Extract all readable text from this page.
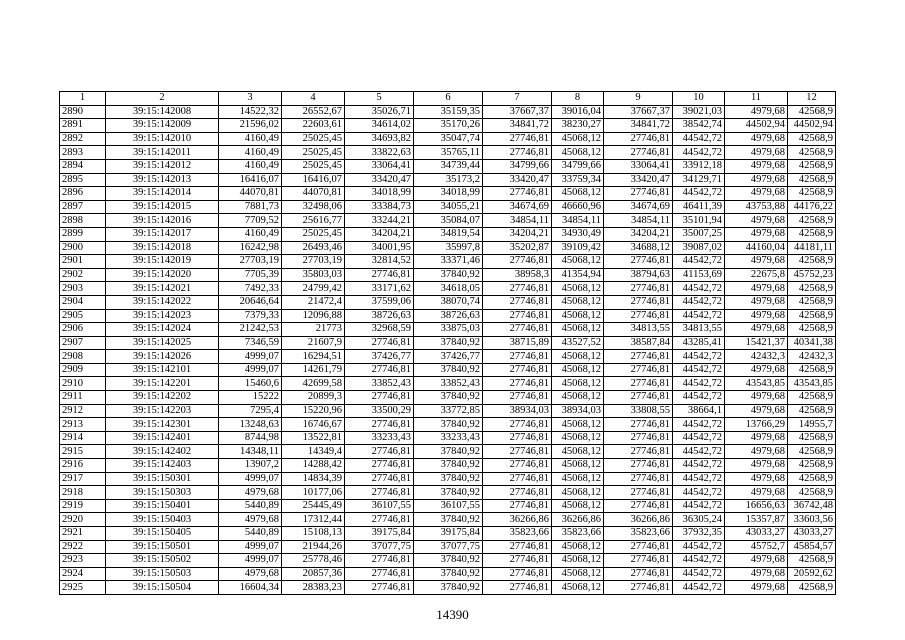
1	2	3	4	5	6	7	8	9	10	11	12
2890	39:15:142008	14522,32	26552,67	35026,71	35159,35	37667,37	39016,04	37667,37	39021,03	4979,68	42568,9
2891	39:15:142009	21596,02	22603,61	34614,02	35170,26	34841,72	38230,27	34841,72	38542,74	44502,94	44502,94
2892	39:15:142010	4160,49	25025,45	34693,82	35047,74	27746,81	45068,12	27746,81	44542,72	4979,68	42568,9
2893	39:15:142011	4160,49	25025,45	33822,63	35765,11	27746,81	45068,12	27746,81	44542,72	4979,68	42568,9
2894	39:15:142012	4160,49	25025,45	33064,41	34739,44	34799,66	34799,66	33064,41	33912,18	4979,68	42568,9
2895	39:15:142013	16416,07	16416,07	33420,47	35173,2	33420,47	33759,34	33420,47	34129,71	4979,68	42568,9
2896	39:15:142014	44070,81	44070,81	34018,99	34018,99	27746,81	45068,12	27746,81	44542,72	4979,68	42568,9
2897	39:15:142015	7881,73	32498,06	33384,73	34055,21	34674,69	46660,96	34674,69	46411,39	43753,88	44176,22
2898	39:15:142016	7709,52	25616,77	33244,21	35084,07	34854,11	34854,11	34854,11	35101,94	4979,68	42568,9
2899	39:15:142017	4160,49	25025,45	34204,21	34819,54	34204,21	34930,49	34204,21	35007,25	4979,68	42568,9
2900	39:15:142018	16242,98	26493,46	34001,95	35997,8	35202,87	39109,42	34688,12	39087,02	44160,04	44181,11
2901	39:15:142019	27703,19	27703,19	32814,52	33371,46	27746,81	45068,12	27746,81	44542,72	4979,68	42568,9
2902	39:15:142020	7705,39	35803,03	27746,81	37840,92	38958,3	41354,94	38794,63	41153,69	22675,8	45752,23
2903	39:15:142021	7492,33	24799,42	33171,62	34618,05	27746,81	45068,12	27746,81	44542,72	4979,68	42568,9
2904	39:15:142022	20646,64	21472,4	37599,06	38070,74	27746,81	45068,12	27746,81	44542,72	4979,68	42568,9
2905	39:15:142023	7379,33	12096,88	38726,63	38726,63	27746,81	45068,12	27746,81	44542,72	4979,68	42568,9
2906	39:15:142024	21242,53	21773	32968,59	33875,03	27746,81	45068,12	34813,55	34813,55	4979,68	42568,9
2907	39:15:142025	7346,59	21607,9	27746,81	37840,92	38715,89	43527,52	38587,84	43285,41	15421,37	40341,38
2908	39:15:142026	4999,07	16294,51	37426,77	37426,77	27746,81	45068,12	27746,81	44542,72	42432,3	42432,3
2909	39:15:142101	4999,07	14261,79	27746,81	37840,92	27746,81	45068,12	27746,81	44542,72	4979,68	42568,9
2910	39:15:142201	15460,6	42699,58	33852,43	33852,43	27746,81	45068,12	27746,81	44542,72	43543,85	43543,85
2911	39:15:142202	15222	20899,3	27746,81	37840,92	27746,81	45068,12	27746,81	44542,72	4979,68	42568,9
2912	39:15:142203	7295,4	15220,96	33500,29	33772,85	38934,03	38934,03	33808,55	38664,1	4979,68	42568,9
2913	39:15:142301	13248,63	16746,67	27746,81	37840,92	27746,81	45068,12	27746,81	44542,72	13766,29	14955,7
2914	39:15:142401	8744,98	13522,81	33233,43	33233,43	27746,81	45068,12	27746,81	44542,72	4979,68	42568,9
2915	39:15:142402	14348,11	14349,4	27746,81	37840,92	27746,81	45068,12	27746,81	44542,72	4979,68	42568,9
2916	39:15:142403	13907,2	14288,42	27746,81	37840,92	27746,81	45068,12	27746,81	44542,72	4979,68	42568,9
2917	39:15:150301	4999,07	14834,39	27746,81	37840,92	27746,81	45068,12	27746,81	44542,72	4979,68	42568,9
2918	39:15:150303	4979,68	10177,06	27746,81	37840,92	27746,81	45068,12	27746,81	44542,72	4979,68	42568,9
2919	39:15:150401	5440,89	25445,49	36107,55	36107,55	27746,81	45068,12	27746,81	44542,72	16656,63	36742,48
2920	39:15:150403	4979,68	17312,44	27746,81	37840,92	36266,86	36266,86	36266,86	36305,24	15357,87	33603,56
2921	39:15:150405	5440,89	15108,13	39175,84	39175,84	35823,66	35823,66	35823,66	37932,35	43033,27	43033,27
2922	39:15:150501	4999,07	21944,26	37077,75	37077,75	27746,81	45068,12	27746,81	44542,72	45752,7	45854,57
2923	39:15:150502	4999,07	25778,46	27746,81	37840,92	27746,81	45068,12	27746,81	44542,72	4979,68	42568,9
2924	39:15:150503	4979,68	20857,36	27746,81	37840,92	27746,81	45068,12	27746,81	44542,72	4979,68	20592,62
2925	39:15:150504	16604,34	28383,23	27746,81	37840,92	27746,81	45068,12	27746,81	44542,72	4979,68	42568,9
14390
